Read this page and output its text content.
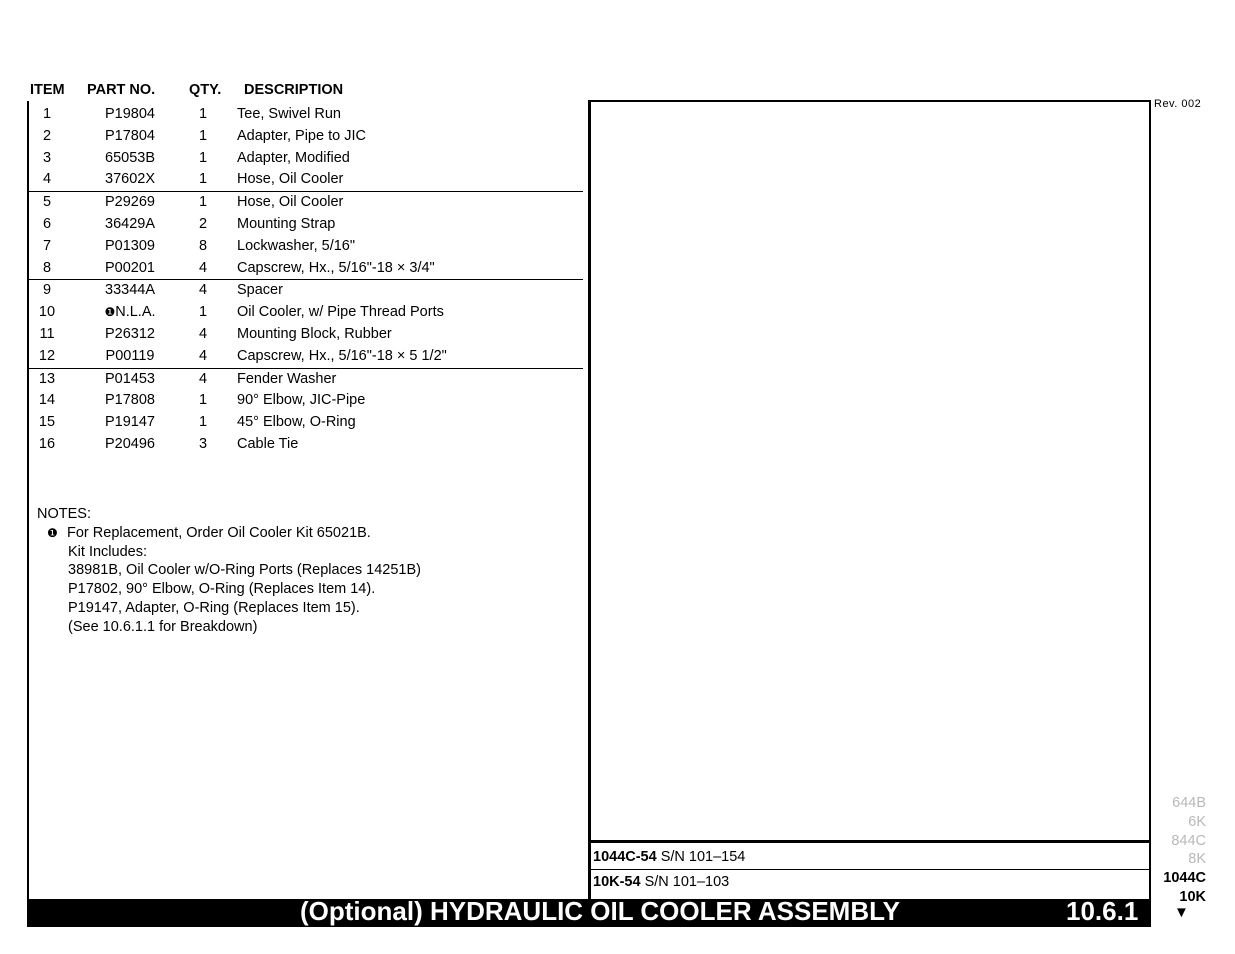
ITEM PART NO. QTY. DESCRIPTION
Rev. 002
1	P19804	1	Tee, Swivel Run
2	P17804	1	Adapter, Pipe to JIC
3	65053B	1	Adapter, Modified
4	37602X	1	Hose, Oil Cooler
5	P29269	1	Hose, Oil Cooler
6	36429A	2	Mounting Strap
7	P01309	8	Lockwasher, 5/16"
8	P00201	4	Capscrew, Hx., 5/16"-18 × 3/4"
9	33344A	4	Spacer
10	❶N.L.A.	1	Oil Cooler, w/ Pipe Thread Ports
11	P26312	4	Mounting Block, Rubber
12	P00119	4	Capscrew, Hx., 5/16"-18 × 5 1/2"
13	P01453	4	Fender Washer
14	P17808	1	90° Elbow, JIC-Pipe
15	P19147	1	45° Elbow, O-Ring
16	P20496	3	Cable Tie
NOTES:
❶ For Replacement, Order Oil Cooler Kit 65021B.
Kit Includes:
38981B, Oil Cooler w/O-Ring Ports (Replaces 14251B)
P17802, 90° Elbow, O-Ring (Replaces Item 14).
P19147, Adapter, O-Ring (Replaces Item 15).
(See 10.6.1.1 for Breakdown)
1044C-54 S/N 101–154
10K-54 S/N 101–103
(Optional) HYDRAULIC OIL COOLER ASSEMBLY	10.6.1
644B
6K
844C
8K
1044C
10K
▼
